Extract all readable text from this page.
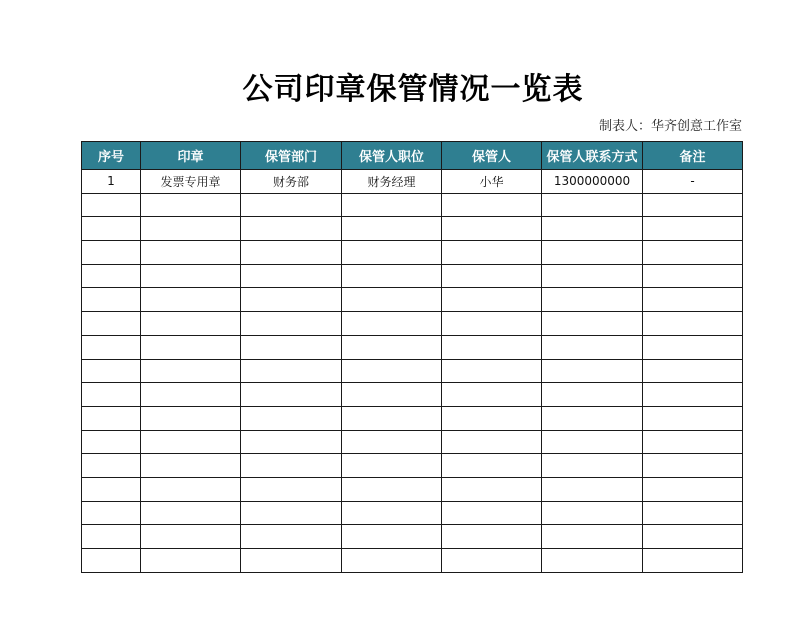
公司印章保管情况一览表
制表人：华齐创意工作室
序号	印章	保管部门	保管人职位	保管人	保管人联系方式	备注
1	发票专用章	财务部	财务经理	小华	1300000000	-
